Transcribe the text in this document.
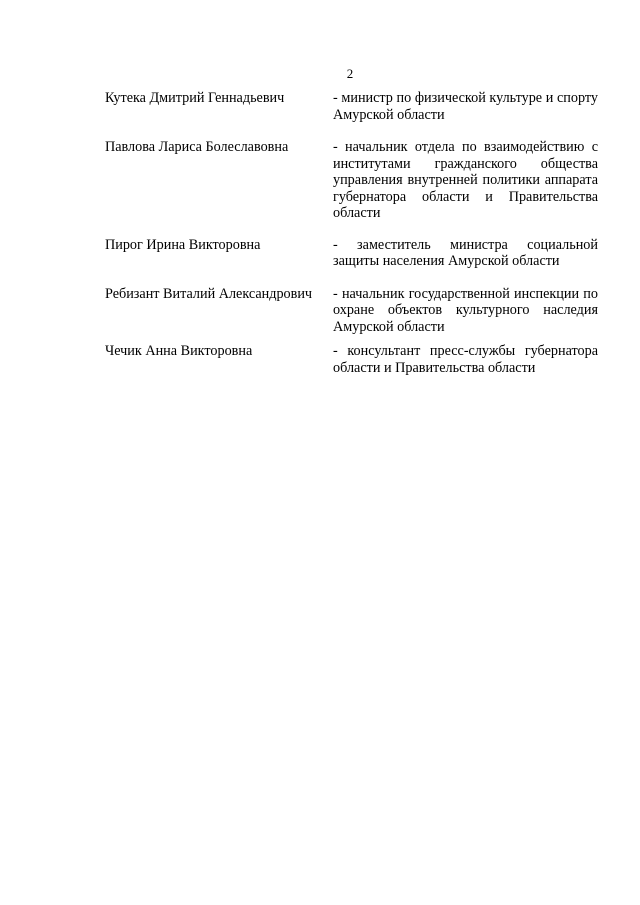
2
Кутека Дмитрий Геннадьевич	- министр по физической культуре и спорту Амурской области
Павлова Лариса Болеславовна	- начальник отдела по взаимодействию с институтами гражданского общества управления внутренней политики аппарата губернатора области и Правительства области
Пирог Ирина Викторовна	- заместитель министра социальной защиты населения Амурской области
Ребизант Виталий Александрович	- начальник государственной инспекции по охране объектов культурного наследия Амурской области
Чечик Анна Викторовна	- консультант пресс-службы губернатора области и Правительства области
